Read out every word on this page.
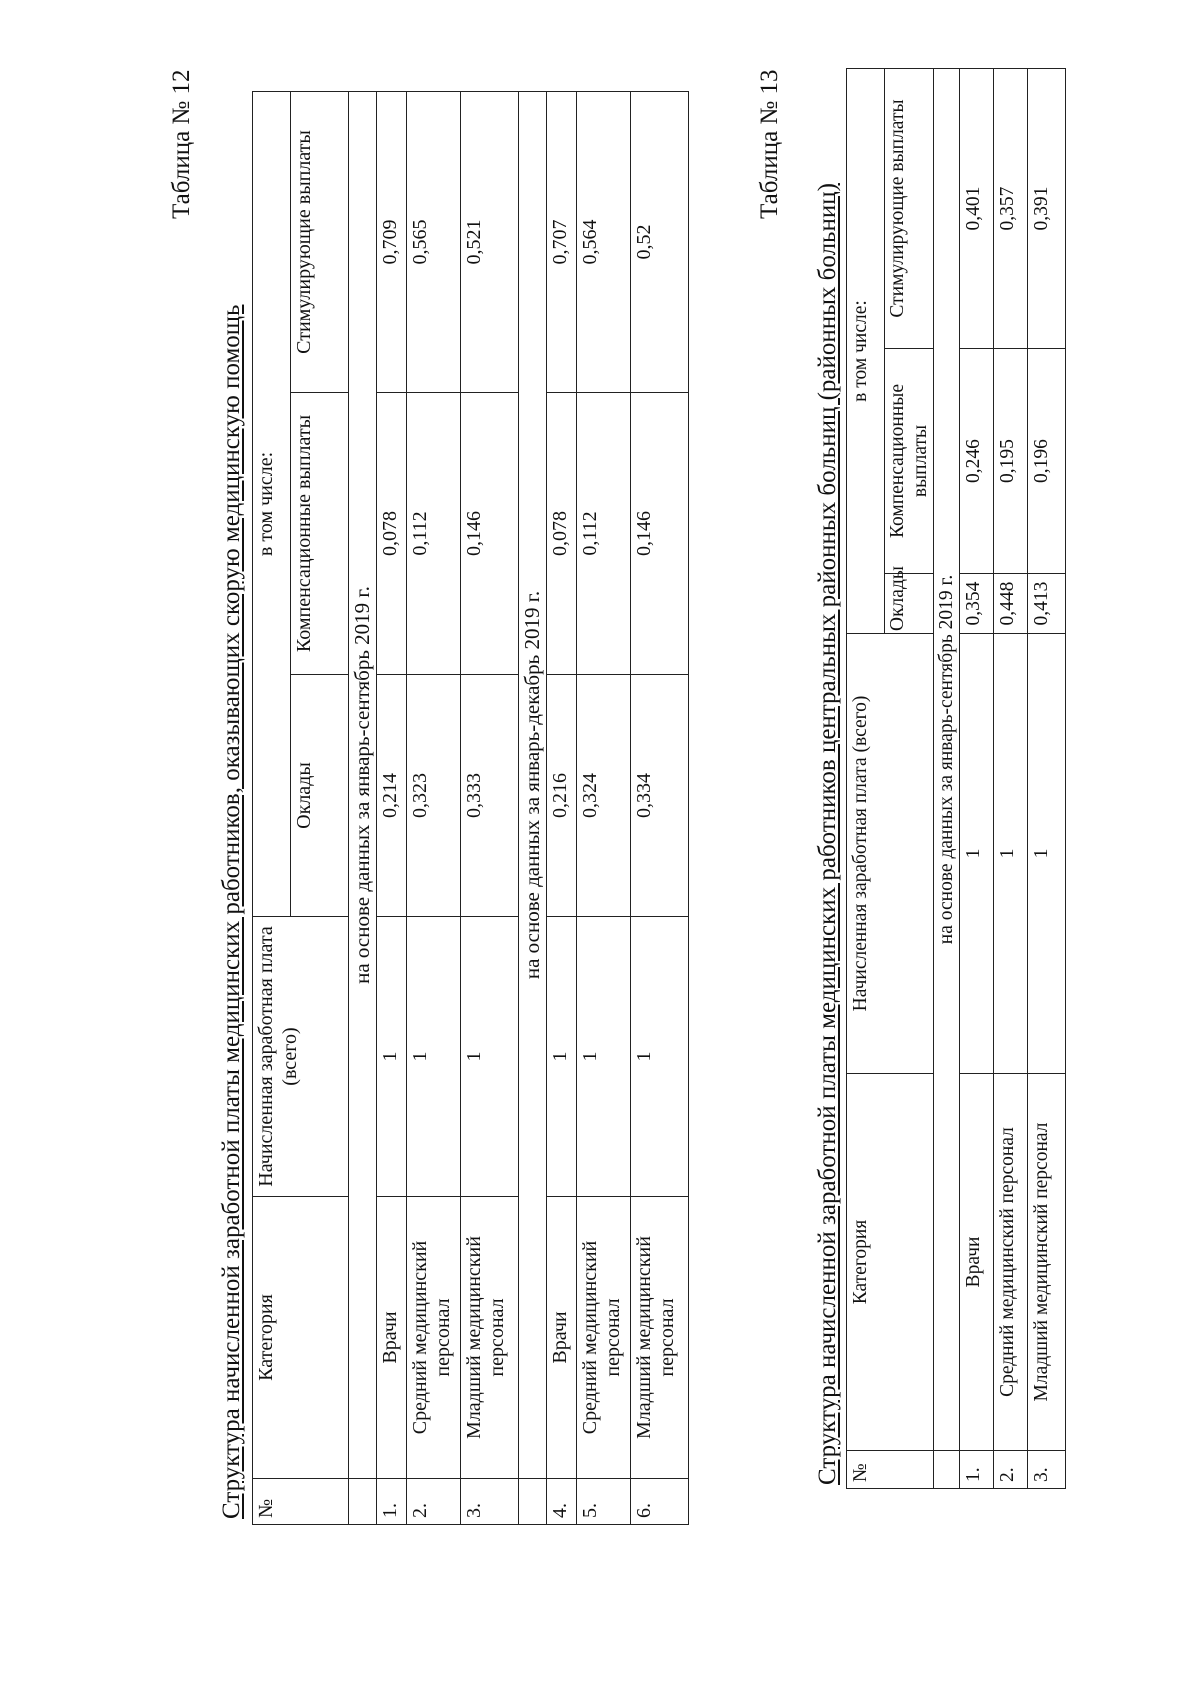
Таблица № 12
Структура начисленной заработной платы медицинских работников, оказывающих скорую медицинскую помощь №	Категория	Начисленная заработная плата (всего)	в том числе:		
			Оклады	Компенсационные выплаты	Стимулирующие выплаты
	на основе данных за январь-сентябрь 2019 г.				
1.	Врачи	1	0,214	0,078	0,709
2.	Средний медицинский персонал	1	0,323	0,112	0,565
3.	Младший медицинский персонал	1	0,333	0,146	0,521
	на основе данных за январь-декабрь 2019 г.				
4.	Врачи	1	0,216	0,078	0,707
5.	Средний медицинский персонал	1	0,324	0,112	0,564
6.	Младший медицинский персонал	1	0,334	0,146	0,52
Таблица № 13
Структура начисленной заработной платы медицинских работников центральных районных больниц (районных больниц) №	Категория	Начисленная заработная плата (всего)	в том числе:		
			Оклады	Компенсационные выплаты	Стимулирующие выплаты
	на основе данных за январь-сентябрь 2019 г.				
1.	Врачи	1	0,354	0,246	0,401
2.	Средний медицинский персонал	1	0,448	0,195	0,357
3.	Младший медицинский персонал	1	0,413	0,196	0,391
